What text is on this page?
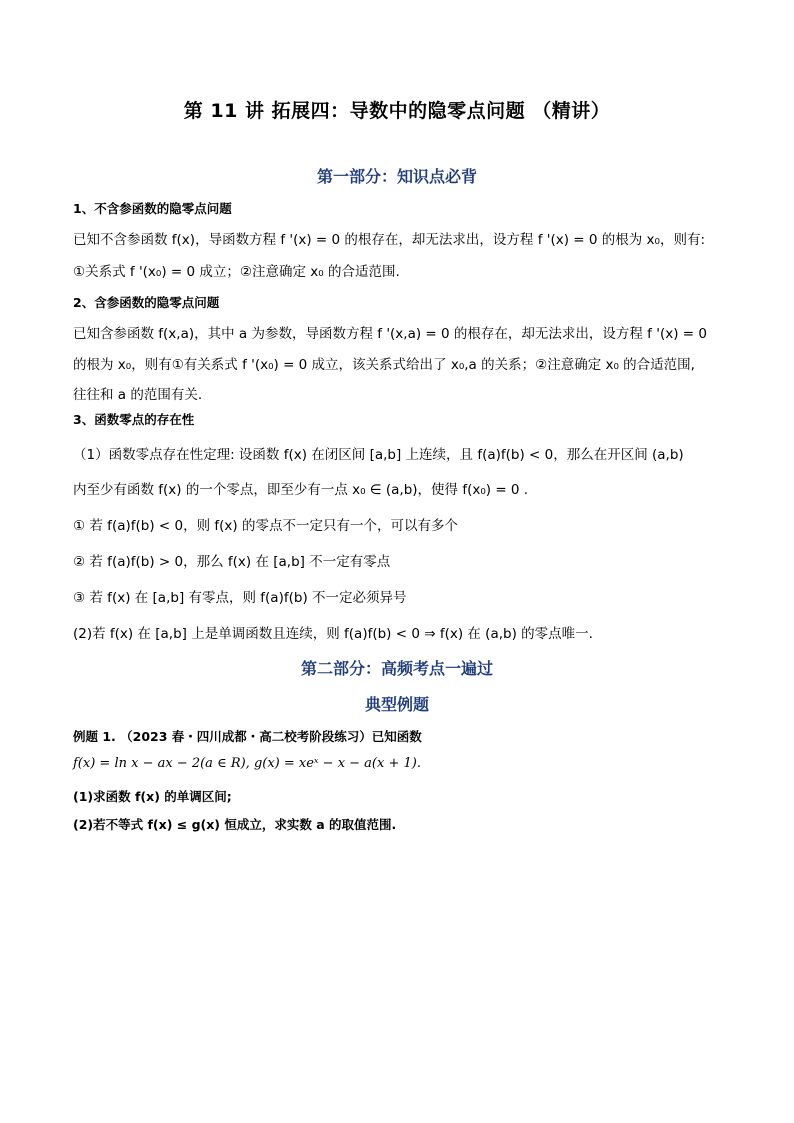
第 11 讲 拓展四：导数中的隐零点问题 （精讲）
第一部分：知识点必背
1、不含参函数的隐零点问题
已知不含参函数 f(x)，导函数方程 f '(x) = 0 的根存在，却无法求出，设方程 f '(x) = 0 的根为 x₀，则有:
①关系式 f '(x₀) = 0 成立；②注意确定 x₀ 的合适范围.
2、含参函数的隐零点问题
已知含参函数 f(x,a)，其中 a 为参数，导函数方程 f '(x,a) = 0 的根存在，却无法求出，设方程 f '(x) = 0
的根为 x₀，则有①有关系式 f '(x₀) = 0 成立，该关系式给出了 x₀,a 的关系；②注意确定 x₀ 的合适范围,
往往和 a 的范围有关.
3、函数零点的存在性
（1）函数零点存在性定理: 设函数 f(x) 在闭区间 [a,b] 上连续，且 f(a)f(b) < 0，那么在开区间 (a,b)
内至少有函数 f(x) 的一个零点，即至少有一点 x₀ ∈ (a,b)，使得 f(x₀) = 0 .
① 若 f(a)f(b) < 0，则 f(x) 的零点不一定只有一个，可以有多个
② 若 f(a)f(b) > 0，那么 f(x) 在 [a,b] 不一定有零点
③ 若 f(x) 在 [a,b] 有零点，则 f(a)f(b) 不一定必须异号
(2)若 f(x) 在 [a,b] 上是单调函数且连续，则 f(a)f(b) < 0 ⇒ f(x) 在 (a,b) 的零点唯一.
第二部分：高频考点一遍过
典型例题
例题 1. （2023 春・四川成都・高二校考阶段练习）已知函数
f(x) = ln x − ax − 2(a ∈ R), g(x) = xeˣ − x − a(x + 1).
(1)求函数 f(x) 的单调区间;
(2)若不等式 f(x) ≤ g(x) 恒成立，求实数 a 的取值范围.
